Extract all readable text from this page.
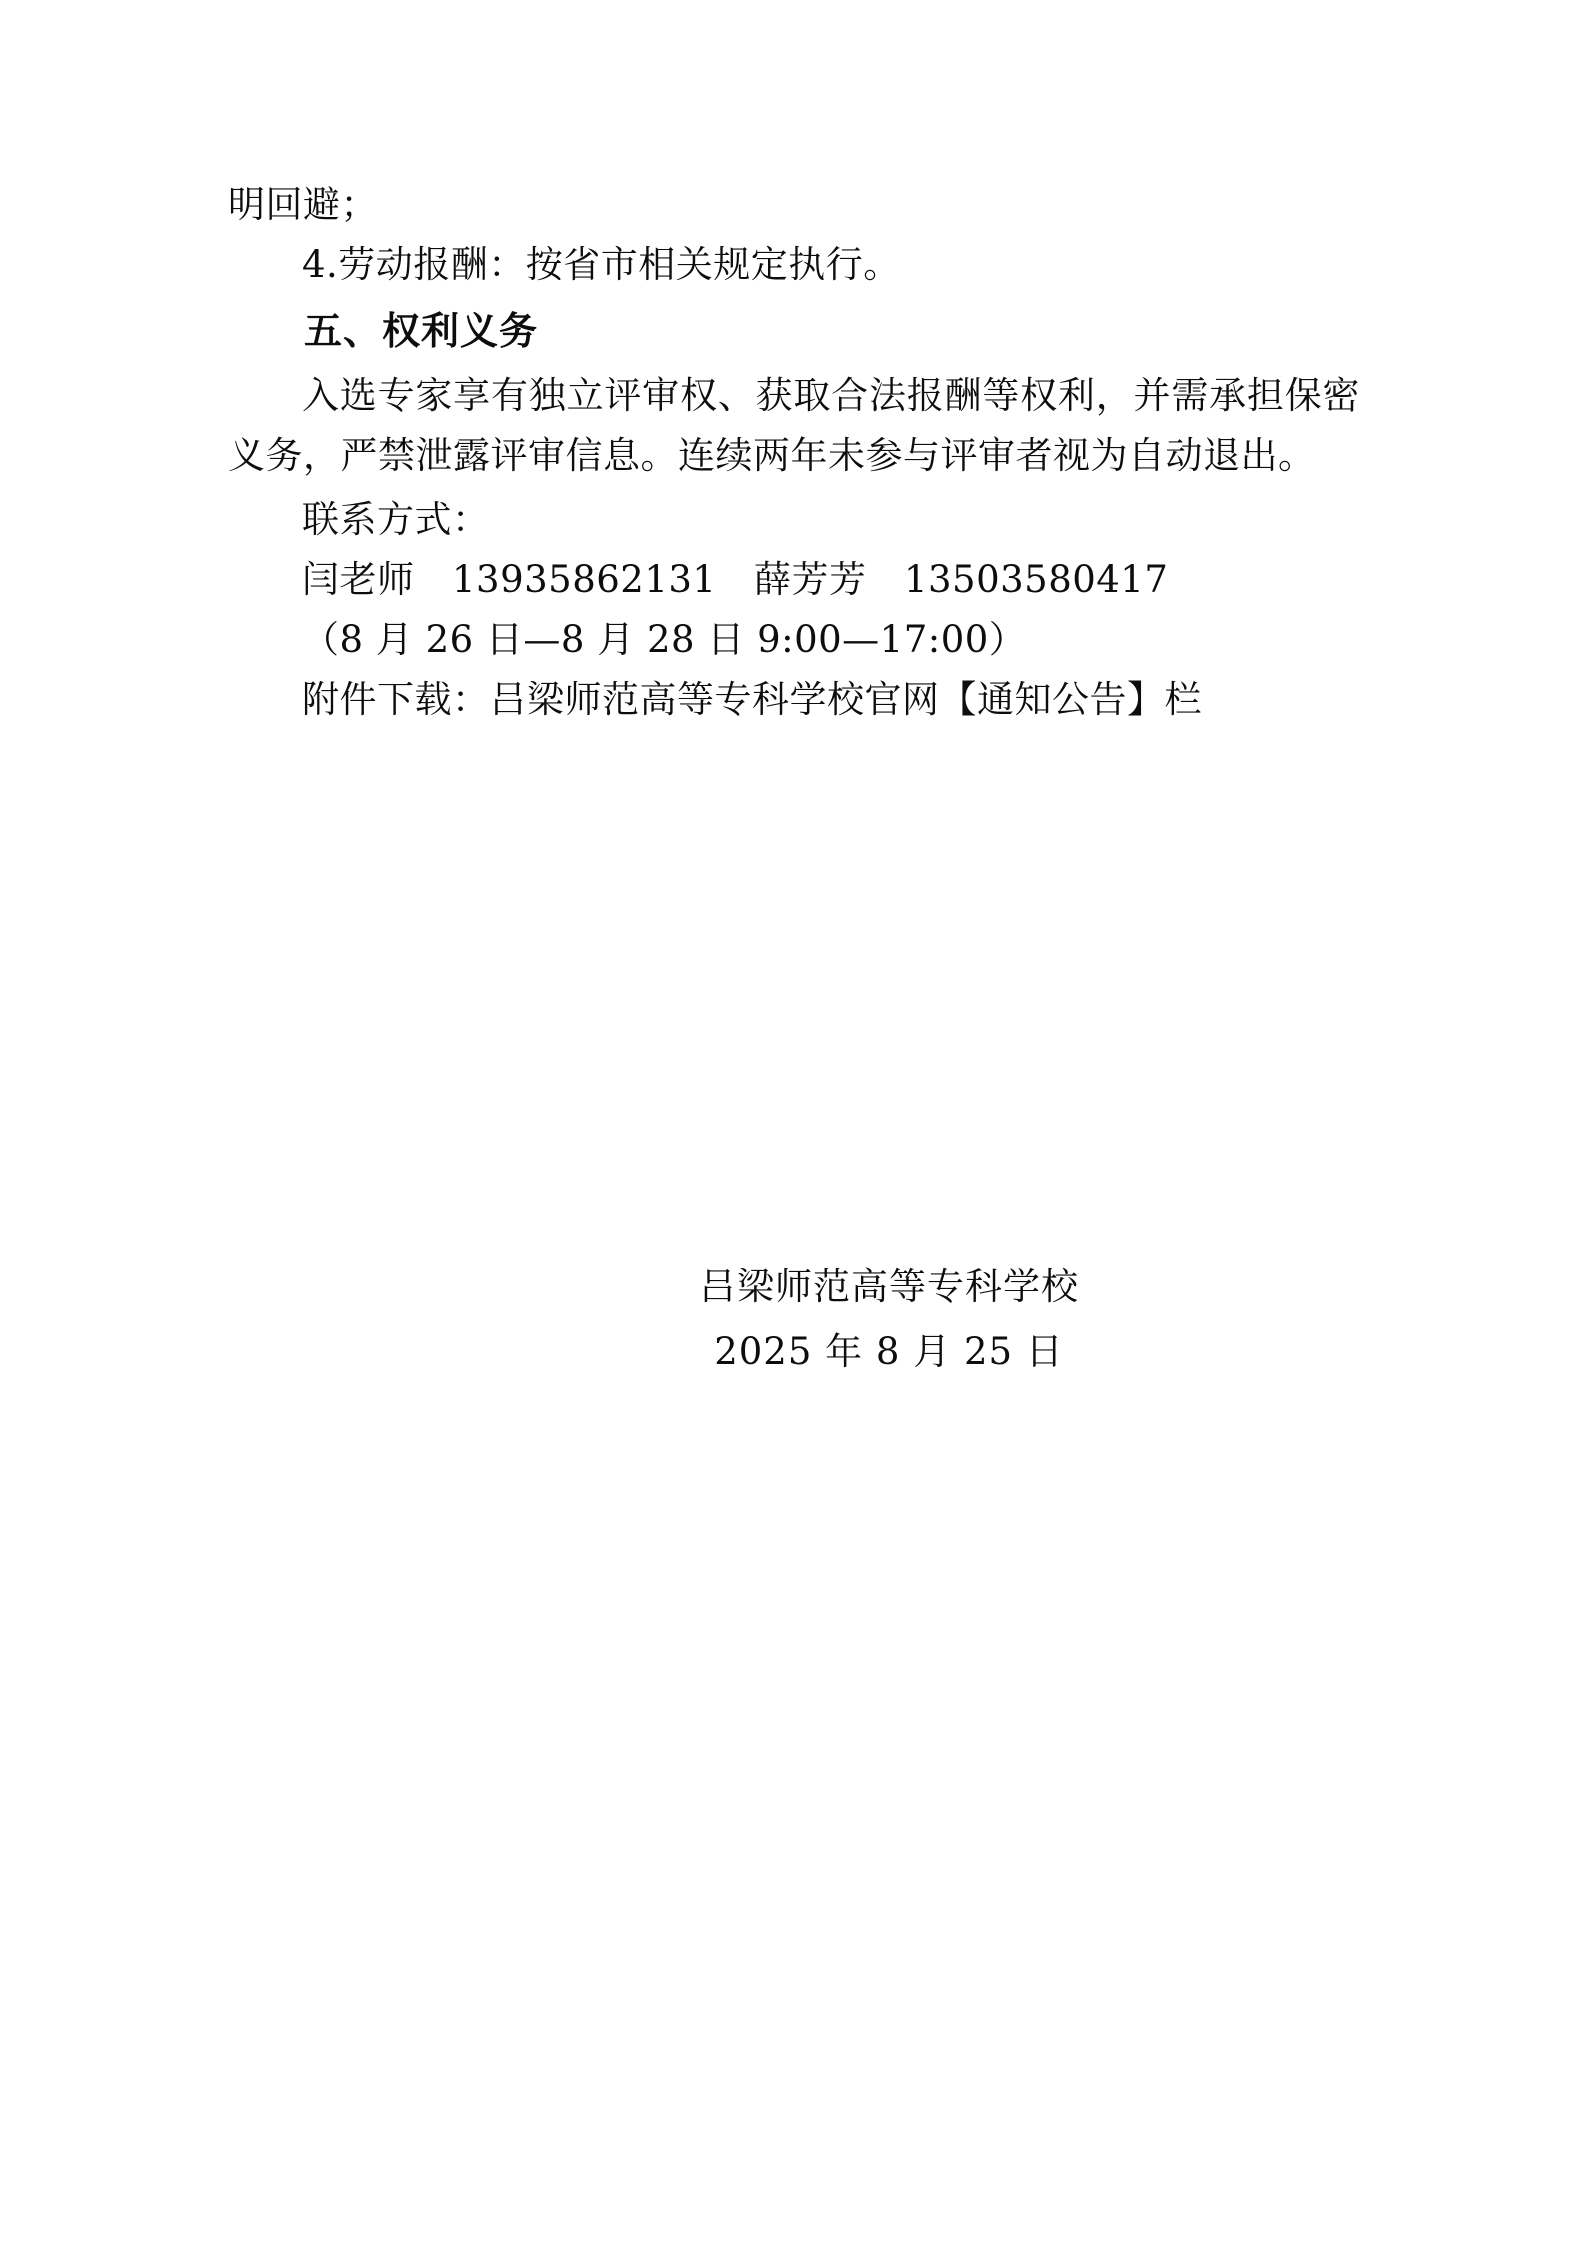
明回避；

4.劳动报酬：按省市相关规定执行。

五、权利义务

入选专家享有独立评审权、获取合法报酬等权利，并需承担保密义务，严禁泄露评审信息。连续两年未参与评审者视为自动退出。

联系方式：

闫老师　13935862131　薛芳芳　13503580417

（8 月 26 日—8 月 28 日 9:00—17:00）

附件下载：吕梁师范高等专科学校官网【通知公告】栏

吕梁师范高等专科学校
2025 年 8 月 25 日
